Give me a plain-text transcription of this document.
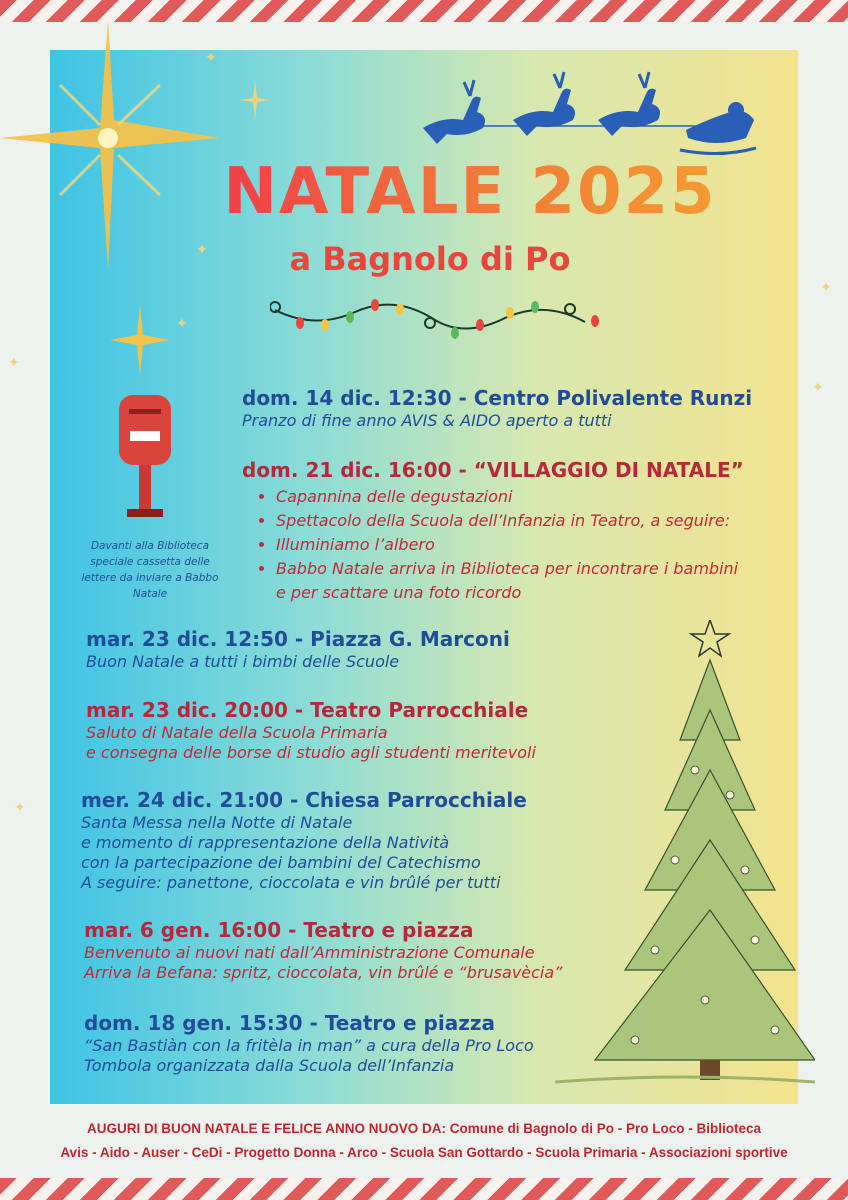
✦
✦
✦
✦
✦
✦
✦
NATALE 2025
a Bagnolo di Po
Davanti alla Biblioteca speciale cassetta delle lettere da inviare a Babbo Natale
dom. 14 dic. 12:30 - Centro Polivalente Runzi
Pranzo di fine anno AVIS & AIDO aperto a tutti
dom. 21 dic. 16:00 - “VILLAGGIO DI NATALE”
• Capannina delle degustazioni
• Spettacolo della Scuola dell’Infanzia in Teatro, a seguire:
• Illuminiamo l’albero
• Babbo Natale arriva in Biblioteca per incontrare i bambini
e per scattare una foto ricordo
mar. 23 dic. 12:50 - Piazza G. Marconi
Buon Natale a tutti i bimbi delle Scuole
mar. 23 dic. 20:00 - Teatro Parrocchiale
Saluto di Natale della Scuola Primaria
e consegna delle borse di studio agli studenti meritevoli
mer. 24 dic. 21:00 - Chiesa Parrocchiale
Santa Messa nella Notte di Natale
e momento di rappresentazione della Natività
con la partecipazione dei bambini del Catechismo
A seguire: panettone, cioccolata e vin brûlé per tutti
mar. 6 gen. 16:00 - Teatro e piazza
Benvenuto ai nuovi nati dall’Amministrazione Comunale
Arriva la Befana: spritz, cioccolata, vin brûlé e “brusavècia”
dom. 18 gen. 15:30 - Teatro e piazza
“San Bastiàn con la fritèla in man” a cura della Pro Loco
Tombola organizzata dalla Scuola dell’Infanzia
AUGURI DI BUON NATALE E FELICE ANNO NUOVO DA: Comune di Bagnolo di Po - Pro Loco - Biblioteca
Avis - Aido - Auser - CeDi - Progetto Donna - Arco - Scuola San Gottardo - Scuola Primaria - Associazioni sportive
